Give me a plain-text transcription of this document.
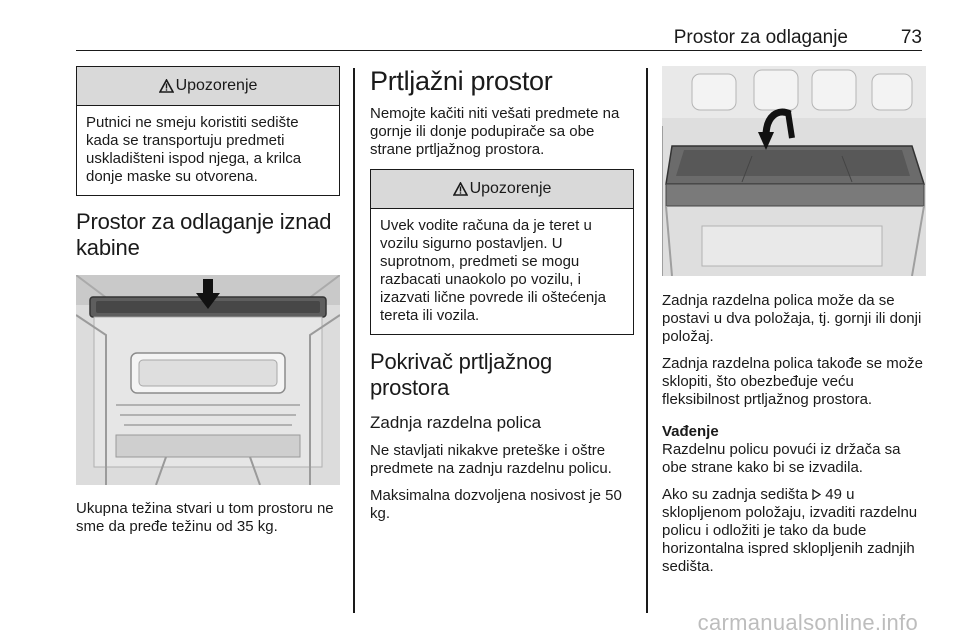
Prostor za odlaganje	73
Upozorenje
Putnici ne smeju koristiti sedište kada se transportuju predmeti uskladišteni ispod njega, a krilca donje maske su otvorena.
Prostor za odlaganje iznad kabine

Ukupna težina stvari u tom prostoru ne sme da pređe težinu od 35 kg.

Prtljažni prostor

Nemojte kačiti niti vešati predmete na gornje ili donje podupirače sa obe strane prtljažnog prostora.

Upozorenje
Uvek vodite računa da je teret u vozilu sigurno postavljen. U suprotnom, predmeti se mogu razbacati unaokolo po vozilu, i izazvati lične povrede ili oštećenja tereta ili vozila.
Pokrivač prtljažnog prostora
Zadnja razdelna polica

Ne stavljati nikakve preteške i oštre predmete na zadnju razdelnu policu.

Maksimalna dozvoljena nosivost je 50 kg.

Zadnja razdelna polica može da se postavi u dva položaja, tj. gornji ili donji položaj.

Zadnja razdelna polica takođe se može sklopiti, što obezbeđuje veću fleksibilnost prtljažnog prostora.

Vađenje

Razdelnu policu povući iz držača sa obe strane kako bi se izvadila.

Ako su zadnja sedišta  49 u sklopljenom položaju, izvaditi razdelnu policu i odložiti je tako da bude horizontalna ispred sklopljenih zadnjih sedišta.

carmanualsonline.info
